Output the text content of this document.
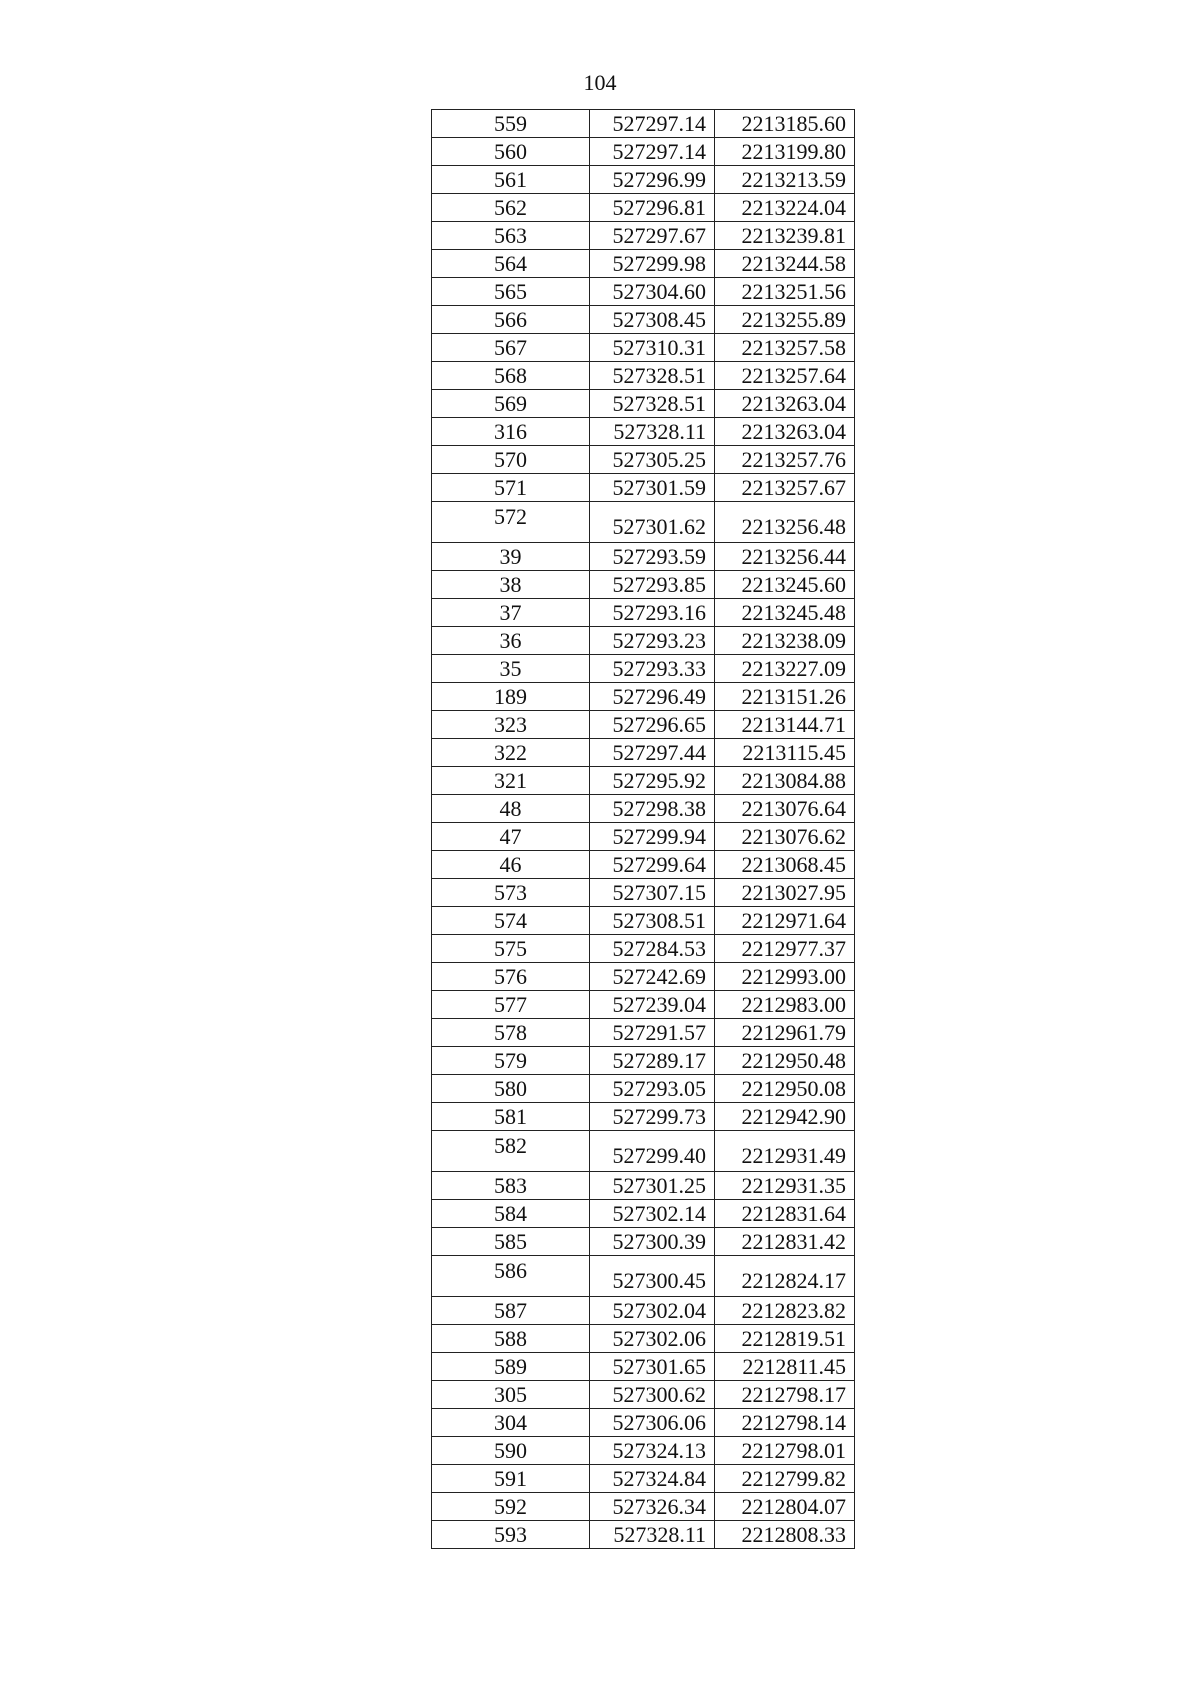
104
559	527297.14	2213185.60
560	527297.14	2213199.80
561	527296.99	2213213.59
562	527296.81	2213224.04
563	527297.67	2213239.81
564	527299.98	2213244.58
565	527304.60	2213251.56
566	527308.45	2213255.89
567	527310.31	2213257.58
568	527328.51	2213257.64
569	527328.51	2213263.04
316	527328.11	2213263.04
570	527305.25	2213257.76
571	527301.59	2213257.67
572	527301.62	2213256.48
39	527293.59	2213256.44
38	527293.85	2213245.60
37	527293.16	2213245.48
36	527293.23	2213238.09
35	527293.33	2213227.09
189	527296.49	2213151.26
323	527296.65	2213144.71
322	527297.44	2213115.45
321	527295.92	2213084.88
48	527298.38	2213076.64
47	527299.94	2213076.62
46	527299.64	2213068.45
573	527307.15	2213027.95
574	527308.51	2212971.64
575	527284.53	2212977.37
576	527242.69	2212993.00
577	527239.04	2212983.00
578	527291.57	2212961.79
579	527289.17	2212950.48
580	527293.05	2212950.08
581	527299.73	2212942.90
582	527299.40	2212931.49
583	527301.25	2212931.35
584	527302.14	2212831.64
585	527300.39	2212831.42
586	527300.45	2212824.17
587	527302.04	2212823.82
588	527302.06	2212819.51
589	527301.65	2212811.45
305	527300.62	2212798.17
304	527306.06	2212798.14
590	527324.13	2212798.01
591	527324.84	2212799.82
592	527326.34	2212804.07
593	527328.11	2212808.33
